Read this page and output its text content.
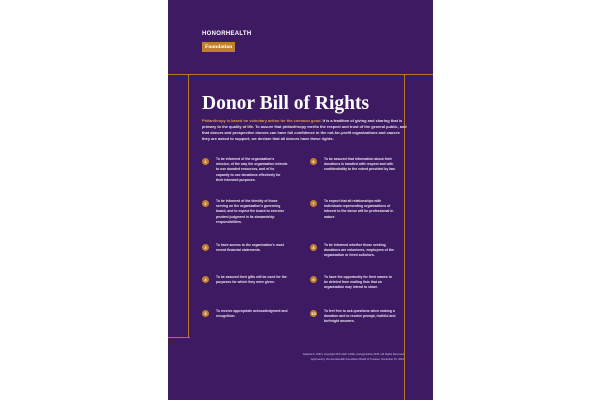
HONORHEALTH
Foundation
Donor Bill of Rights
Philanthropy is based on voluntary action for the common good. It is a tradition of giving and sharing that is primary to the quality of life. To assure that philanthropy merits the respect and trust of the general public, and that donors and prospective donors can have full confidence in the not-for-profit organizations and causes they are asked to support, we declare that all donors have these rights:
1	To be informed of the organization's mission, of the way the organization intends to use donated resources, and of its capacity to use donations effectively for their intended purposes.
2	To be informed of the identity of those serving on the organization's governing board, and to expect the board to exercise prudent judgment in its stewardship responsibilities.
3	To have access to the organization's most recent financial statements.
4	To be assured their gifts will be used for the purposes for which they were given.
5	To receive appropriate acknowledgment and recognition.
6	To be assured that information about their donations is handled with respect and with confidentiality to the extent provided by law.
7	To expect that all relationships with individuals representing organizations of interest to the donor will be professional in nature.
8	To be informed whether those seeking donations are volunteers, employees of the organization or hired solicitors.
9	To have the opportunity for their names to be deleted from mailing lists that an organization may intend to share.
10	To feel free to ask questions when making a donation and to receive prompt, truthful and forthright answers.
Adapted in 1993 | Copyright AFP, AHP, CASE, GivingInstitute 2015 | All Rights Reserved
Approved by the HonorHealth Foundation Board of Trustees, November 10, 2019
